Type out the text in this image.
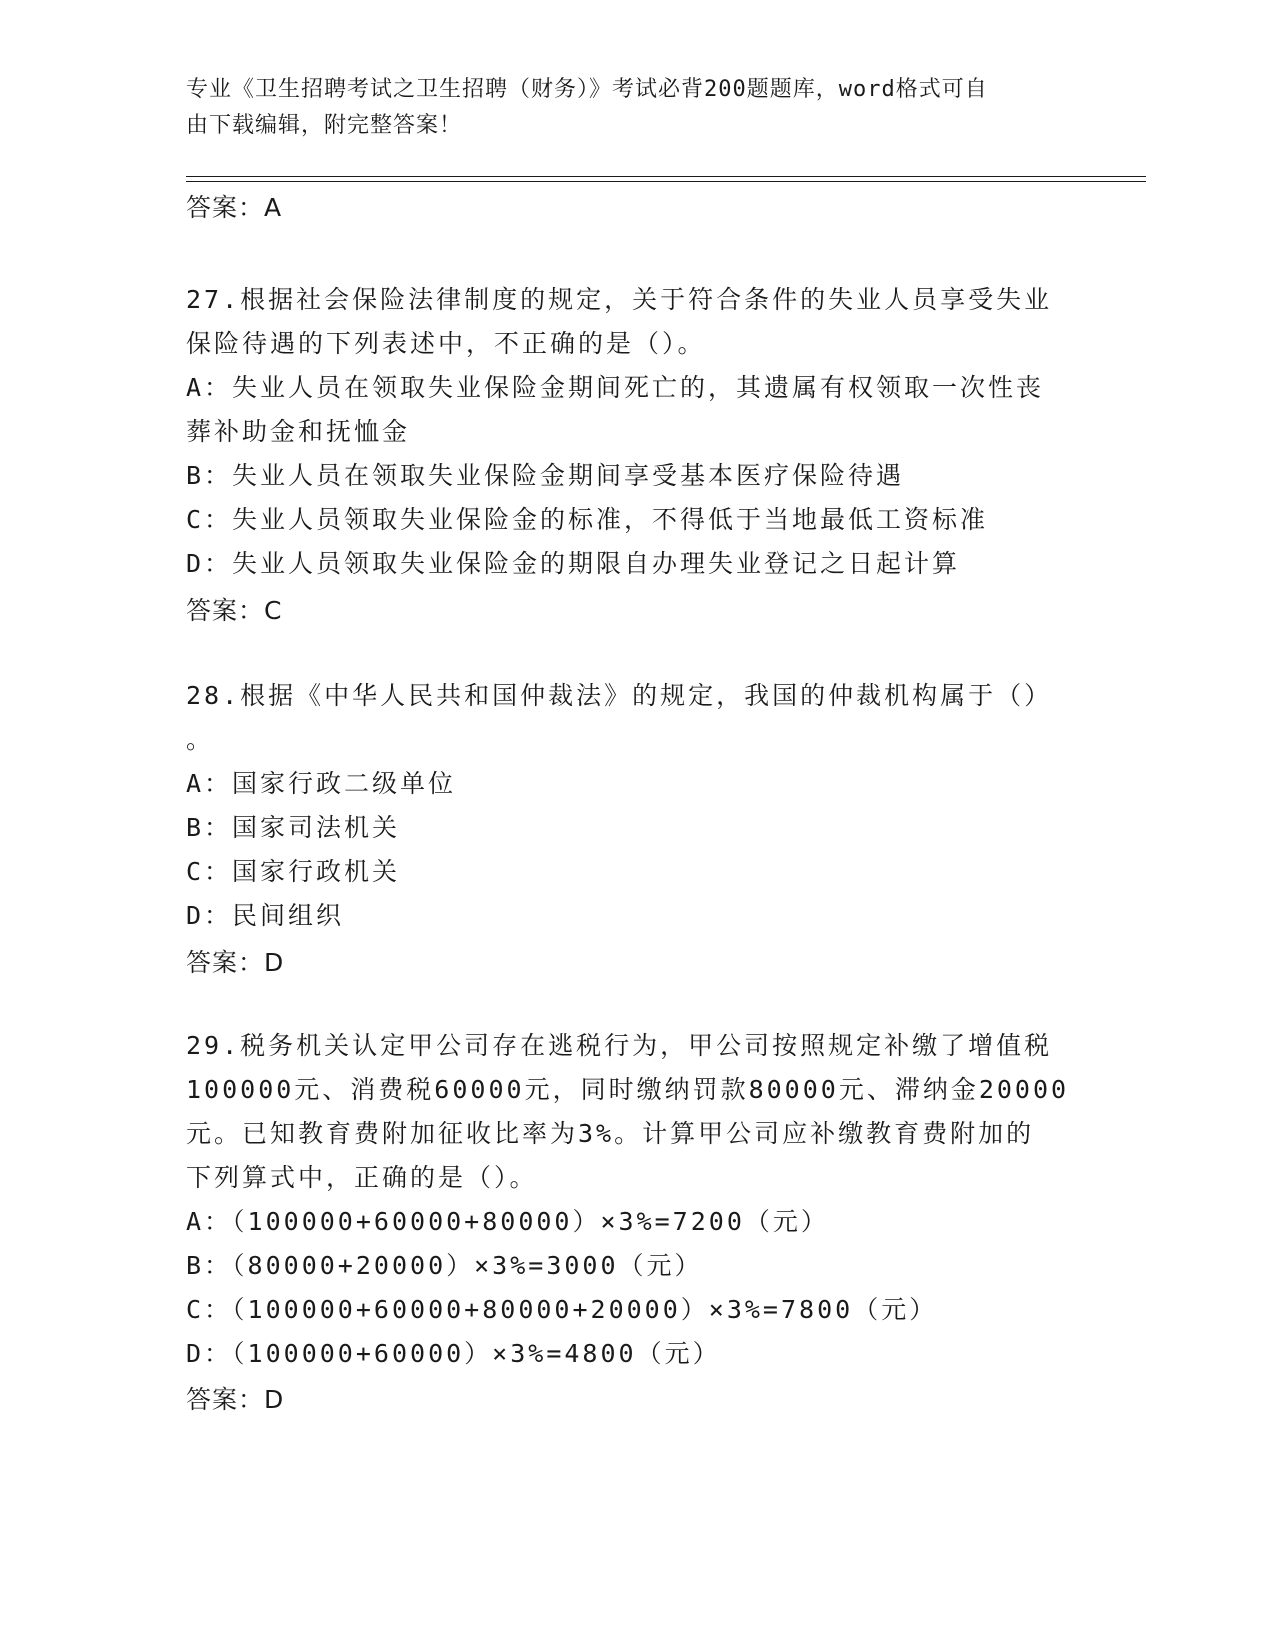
专业《卫生招聘考试之卫生招聘（财务）》考试必背200题题库，word格式可自
由下载编辑，附完整答案！
答案：A
27.根据社会保险法律制度的规定，关于符合条件的失业人员享受失业
保险待遇的下列表述中，不正确的是（）。
A：失业人员在领取失业保险金期间死亡的，其遗属有权领取一次性丧
葬补助金和抚恤金
B：失业人员在领取失业保险金期间享受基本医疗保险待遇
C：失业人员领取失业保险金的标准，不得低于当地最低工资标准
D：失业人员领取失业保险金的期限自办理失业登记之日起计算
答案：C
28.根据《中华人民共和国仲裁法》的规定，我国的仲裁机构属于（）
。
A：国家行政二级单位
B：国家司法机关
C：国家行政机关
D：民间组织
答案：D
29.税务机关认定甲公司存在逃税行为，甲公司按照规定补缴了增值税
100000元、消费税60000元，同时缴纳罚款80000元、滞纳金20000
元。已知教育费附加征收比率为3%。计算甲公司应补缴教育费附加的
下列算式中，正确的是（）。
A：（100000+60000+80000）×3%=7200（元）
B：（80000+20000）×3%=3000（元）
C：（100000+60000+80000+20000）×3%=7800（元）
D：（100000+60000）×3%=4800（元）
答案：D
